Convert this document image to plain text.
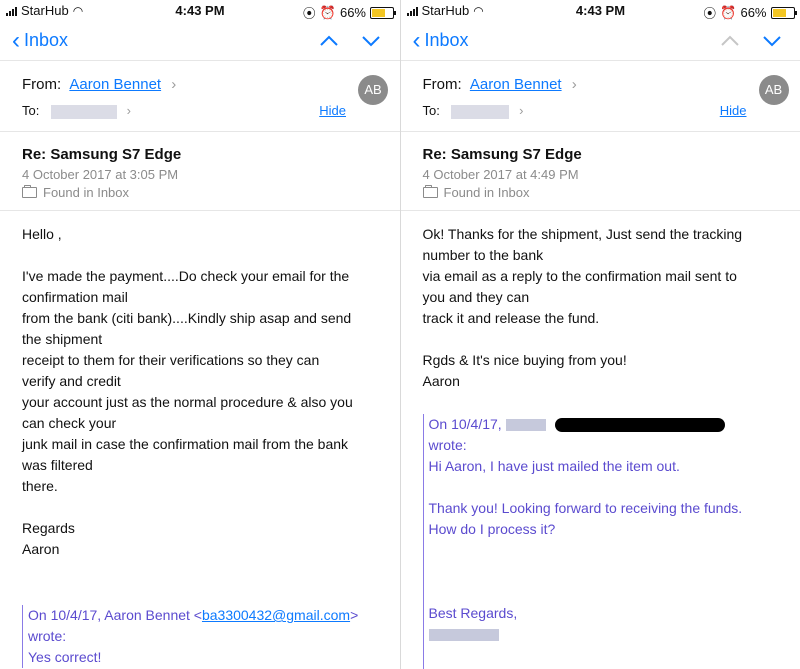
StarHub ◠	4:43 PM	⦿ ⏰ 66%
‹ Inbox
From: Aaron Bennet ›
To:	›
AB
Hide
Re: Samsung S7 Edge
4 October 2017 at 3:05 PM
Found in Inbox

Hello ,

I've made the payment....Do check your email for the

confirmation mail

from the bank (citi bank)....Kindly ship asap and send

the shipment

receipt to them for their verifications so they can

verify and credit

your account just as the normal procedure & also you

can check your

junk mail in case the confirmation mail from the bank

was filtered

there.

Regards

Aaron

On 10/4/17, Aaron Bennet <ba3300432@gmail.com>
wrote:
Yes correct!
StarHub ◠	4:43 PM	⦿ ⏰ 66%
‹ Inbox
From: Aaron Bennet ›
To:	›
AB
Hide
Re: Samsung S7 Edge
4 October 2017 at 4:49 PM
Found in Inbox

Ok! Thanks for the shipment, Just send the tracking

number to the bank

via email as a reply to the confirmation mail sent to

you and they can

track it and release the fund.

Rgds & It's nice buying from you!

Aaron

On 10/4/17,
wrote:
Hi Aaron, I have just mailed the item out.
Thank you! Looking forward to receiving the funds.
How do I process it?
Best Regards,
